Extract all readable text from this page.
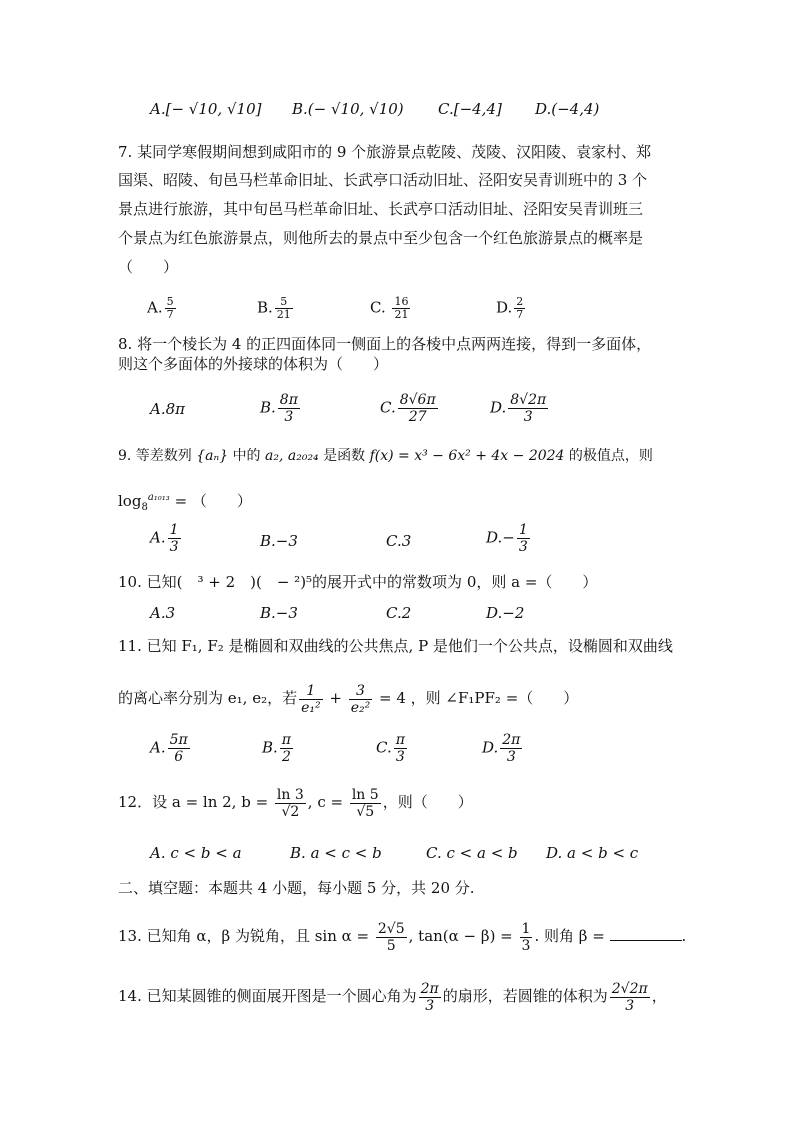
A.[− √10, √10] B.(− √10, √10) C.[−4,4] D.(−4,4)
7. 某同学寒假期间想到咸阳市的 9 个旅游景点乾陵、茂陵、汉阳陵、袁家村、郑
国渠、昭陵、旬邑马栏革命旧址、长武亭口活动旧址、泾阳安吴青训班中的 3 个
景点进行旅游，其中旬邑马栏革命旧址、长武亭口活动旧址、泾阳安吴青训班三
个景点为红色旅游景点，则他所去的景点中至少包含一个红色旅游景点的概率是
（　　）
A. $\frac{5}{7}$	B. $\frac{5}{21}$	C. $\frac{16}{21}$	D. $\frac{2}{7}$
8. 将一个棱长为 4 的正四面体同一侧面上的各棱中点两两连接，得到一多面体，
则这个多面体的外接球的体积为（　　）
A.8π	B. $\frac{8\pi}{3}$	C. $\frac{8√6\pi}{27}$	D. $\frac{8√2\pi}{3}$
9. 等差数列 {aₙ} 中的 a₂, a₂₀₂₄ 是函数 f(x) = x³ − 6x² + 4x − 2024 的极值点，则
$\log_8^{a_{1013}}$ = （　　）
A. $\frac{1}{3}$	B.−3	C.3	$D.- \frac{1}{3}$
10. 已知(　³ + 2　)(　− ²)⁵的展开式中的常数项为 0，则 a =（　　）
A.3	B.−3	C.2	D.−2
11. 已知 F₁, F₂ 是椭圆和双曲线的公共焦点, P 是他们一个公共点，设椭圆和双曲线
的离心率分别为 e₁, e₂，若 $\frac{1}{\text{e₁²}} + \frac{3}{\text{e₂²}} = 4$ ，则 ∠F₁PF₂ =（　　）
A. $\frac{5\pi}{6}$	B. $\frac{\pi}{2}$	C. $\frac{\pi}{3}$	D. $\frac{2\pi}{3}$
12．设 a = ln 2, $b = \frac{\ln 3}{√2}$ , $c = \frac{\ln 5}{√5}$ ，则（　　）
A. c < b < a	B. a < c < b	C. c < a < b D. a < b < c
二、填空题：本题共 4 小题，每小题 5 分，共 20 分.
13. 已知角 α，β 为锐角，且 $\sin \alpha = \frac{2√5}{5}$ , $\tan(\alpha - \beta) = \frac{1}{3}$ . 则角 β =	.
14. 已知某圆锥的侧面展开图是一个圆心角为 $\frac{2\pi}{3}$ 的扇形，若圆锥的体积为 $\frac{2√2\pi}{3}$ ，
